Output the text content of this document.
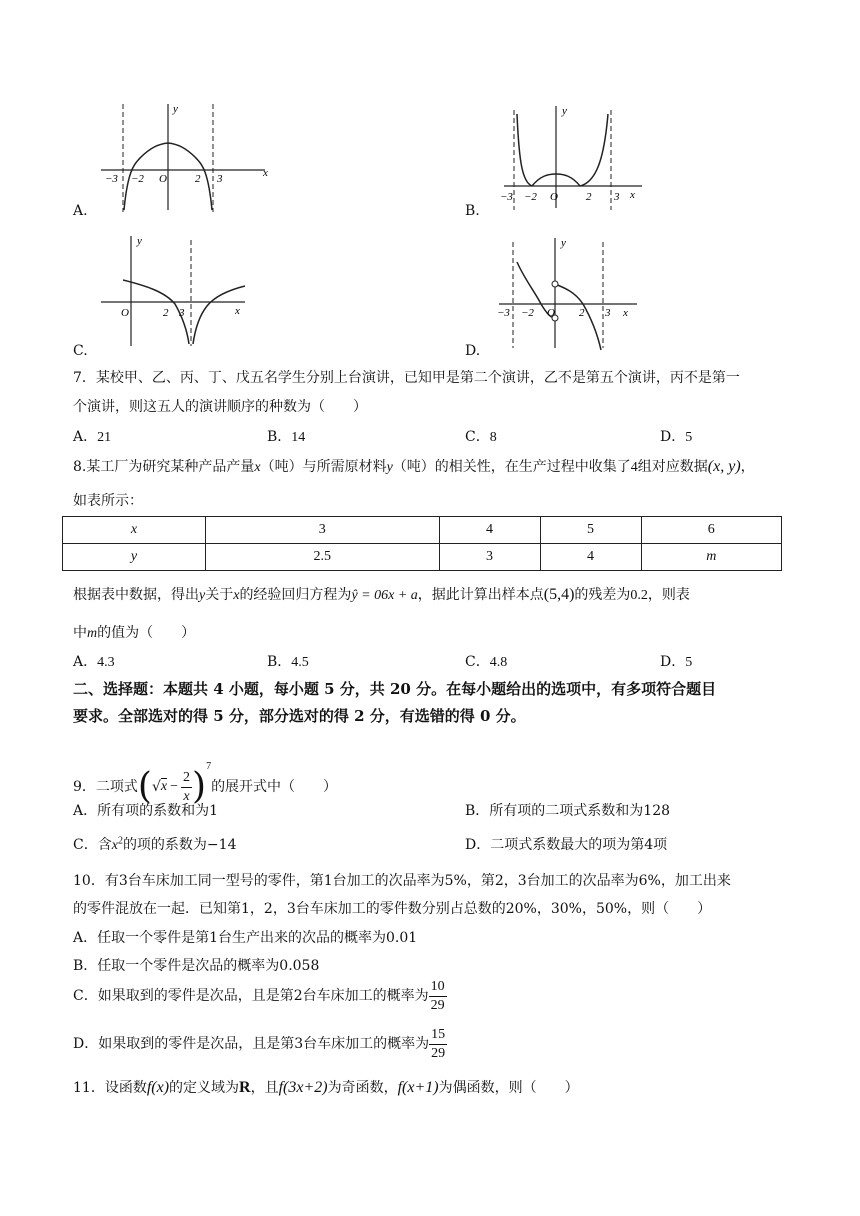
A.	B.
C.	D.
y
−3 −2 O	2 3	x
y
−3 −2 O	2 3 x
y
O	2 3	x
y
−3 −2 O 2 3 x
7．某校甲、乙、丙、丁、戊五名学生分别上台演讲，已知甲是第二个演讲，乙不是第五个演讲，丙不是第一
个演讲，则这五人的演讲顺序的种数为（　　）
A．21	B．14	C．8	D．5
8.某工厂为研究某种产品产量x（吨）与所需原材料y（吨）的相关性，在生产过程中收集了4组对应数据(x, y)，
如表所示：
x	3	4	5	6
y	2.5	3	4	m
根据表中数据，得出y关于x的经验回归方程为ŷ = 06x + a，据此计算出样本点(5,4)的残差为0.2，则表
中m的值为（　　）
A．4.3	B．4.5	C．4.8	D．5
二、选择题：本题共 4 小题，每小题 5 分，共 20 分。在每小题给出的选项中，有多项符合题目
要求。全部选对的得 5 分，部分选对的得 2 分，有选错的得 0 分。
9．二项式$(√x - \frac{2}{x} )^7$的展开式中（　　）
A．所有项的系数和为1	B．所有项的二项式系数和为128
C．含$x^2$的项的系数为−14	D．二项式系数最大的项为第4项
10．有3台车床加工同一型号的零件，第1台加工的次品率为5%，第2，3台加工的次品率为6%，加工出来
的零件混放在一起．已知第1，2，3台车床加工的零件数分别占总数的20%，30%，50%，则（　　）
A．任取一个零件是第1台生产出来的次品的概率为0.01
B．任取一个零件是次品的概率为0.058
C．如果取到的零件是次品，且是第2台车床加工的概率为 $\frac{10}{29}$
D．如果取到的零件是次品，且是第3台车床加工的概率为 $\frac{15}{29}$
11．设函数f(x)的定义域为R，且f(3x+2)为奇函数，f(x+1)为偶函数，则（　　）
